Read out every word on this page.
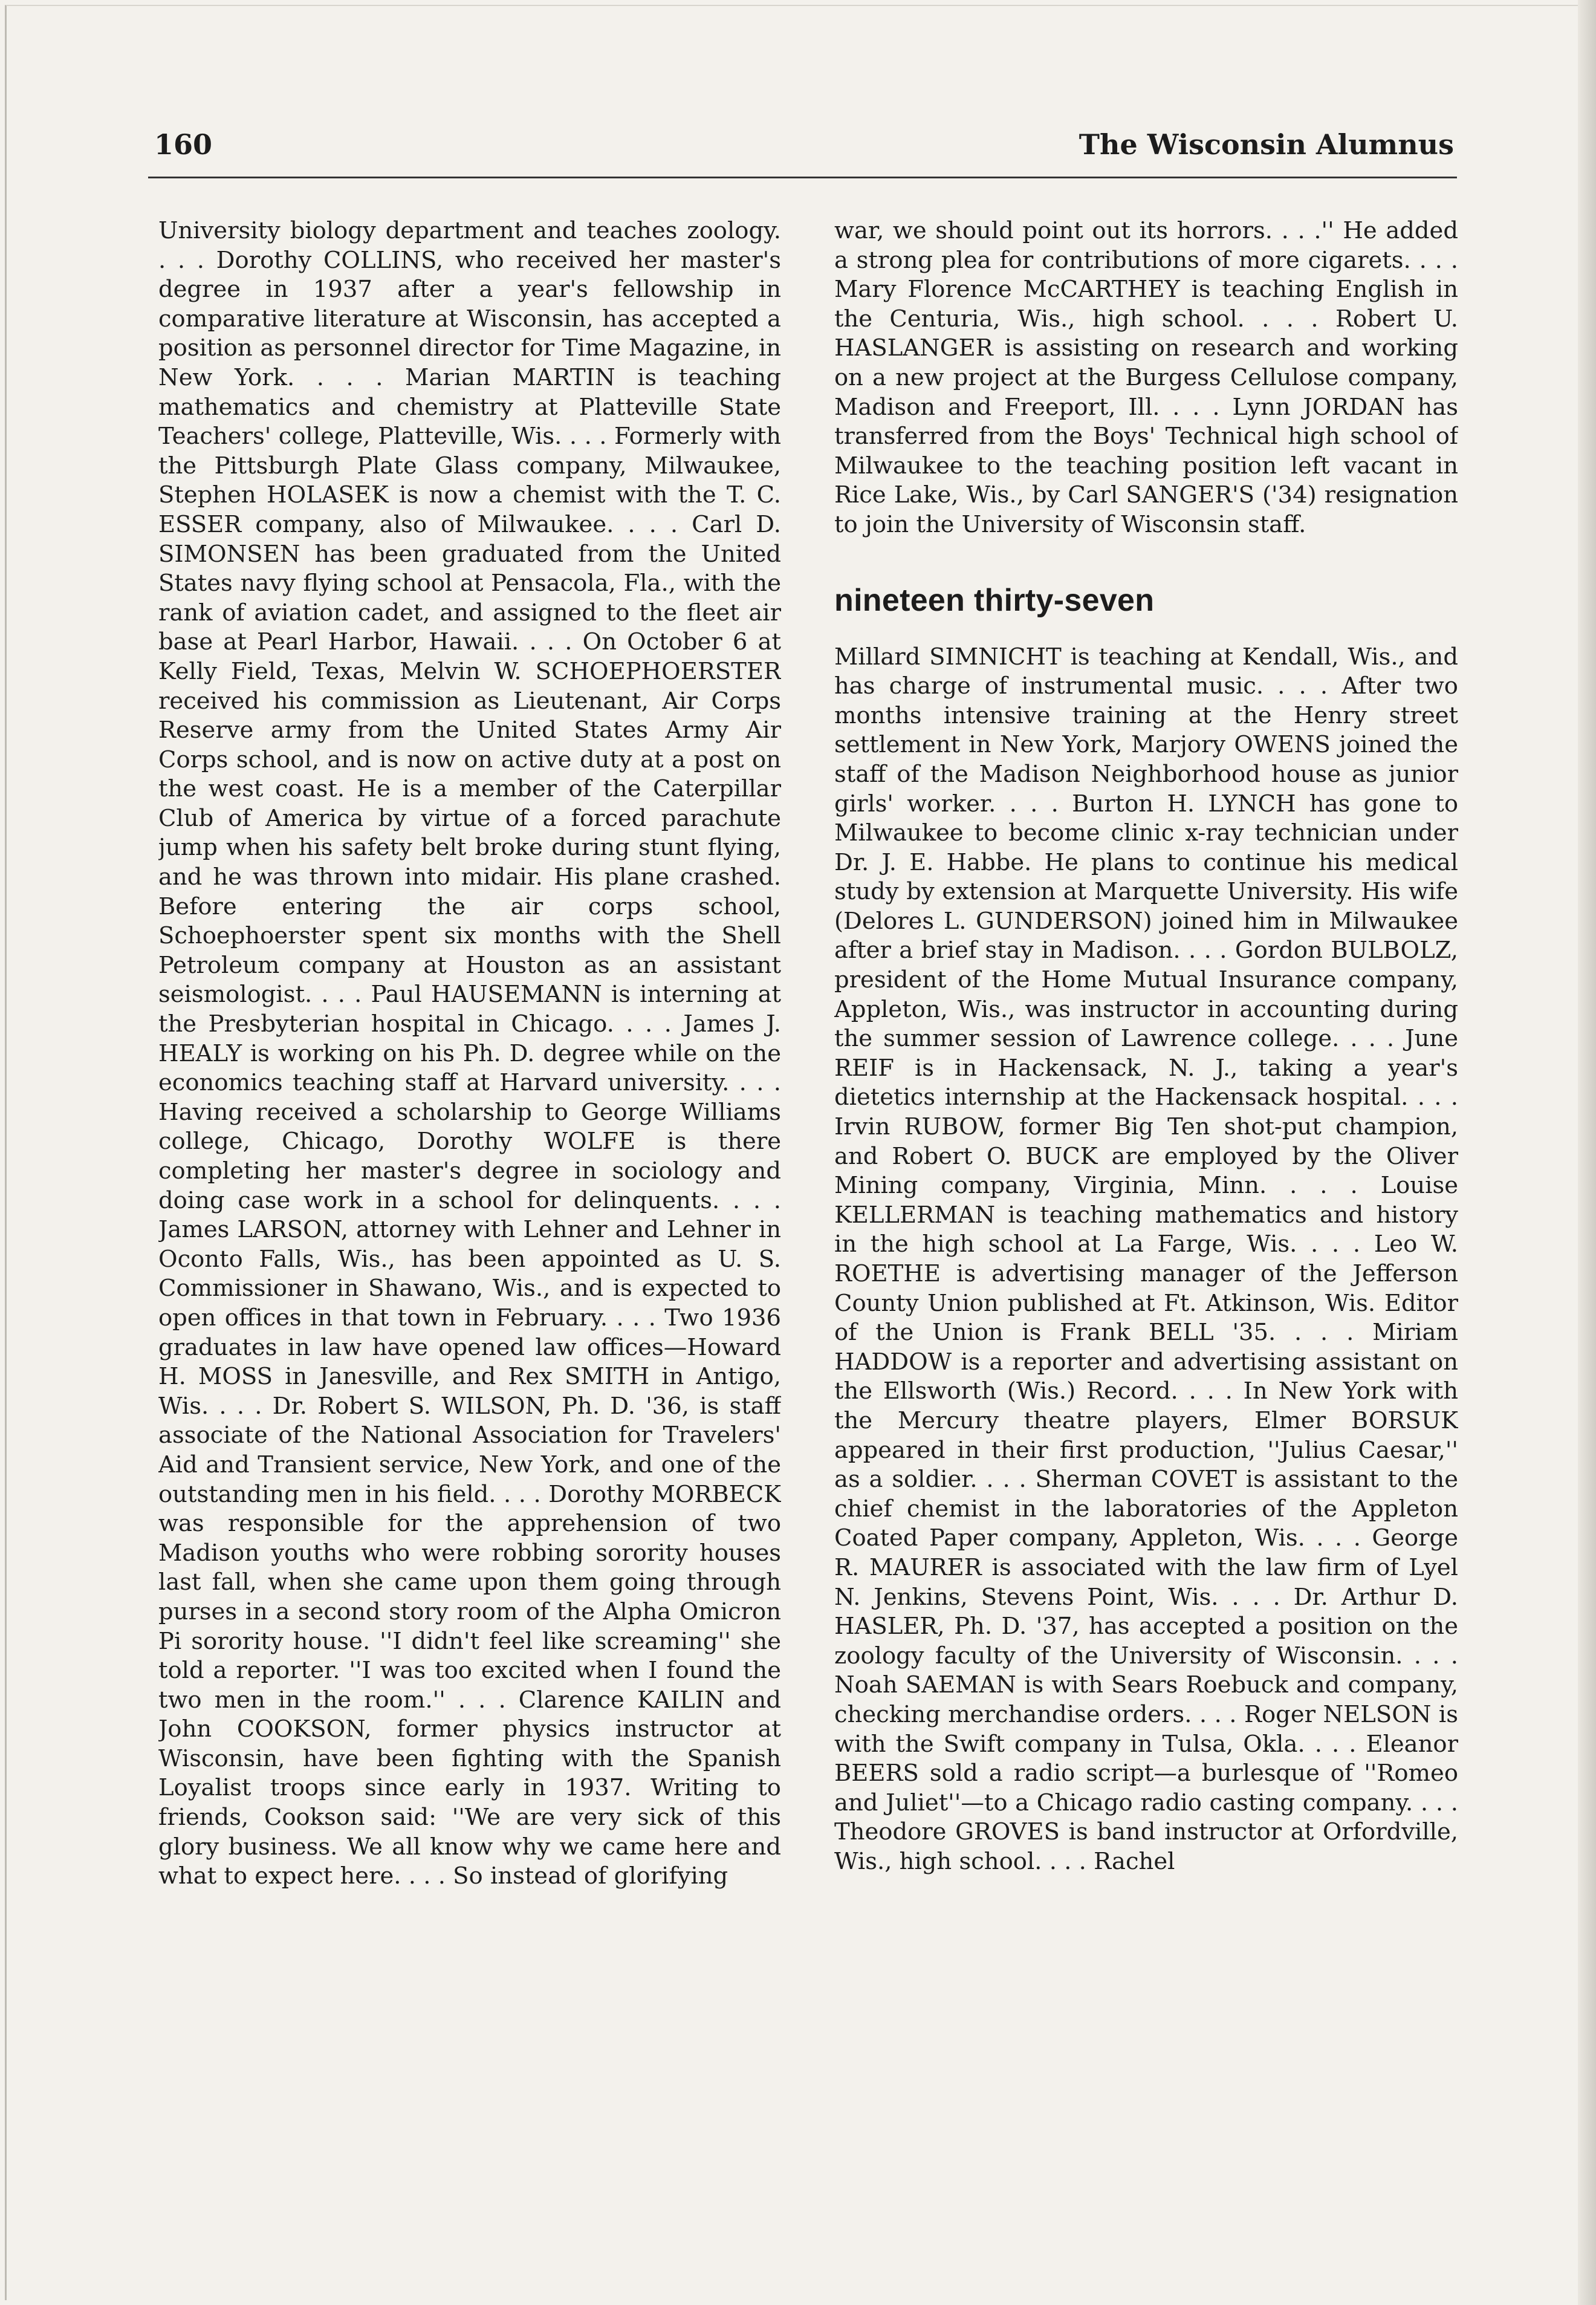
160	The Wisconsin Alumnus

University biology department and teaches zoology. . . . Dorothy COLLINS, who received her master's degree in 1937 after a year's fellowship in comparative literature at Wisconsin, has accepted a position as personnel director for Time Magazine, in New York. . . . Marian MARTIN is teaching mathematics and chemistry at Platteville State Teachers' college, Platteville, Wis. . . . Formerly with the Pittsburgh Plate Glass company, Milwaukee, Stephen HOLASEK is now a chemist with the T. C. ESSER company, also of Milwaukee. . . . Carl D. SIMONSEN has been graduated from the United States navy flying school at Pensacola, Fla., with the rank of aviation cadet, and assigned to the fleet air base at Pearl Harbor, Hawaii. . . . On October 6 at Kelly Field, Texas, Melvin W. SCHOEPHOERSTER received his commission as Lieutenant, Air Corps Reserve army from the United States Army Air Corps school, and is now on active duty at a post on the west coast. He is a member of the Caterpillar Club of America by virtue of a forced parachute jump when his safety belt broke during stunt flying, and he was thrown into midair. His plane crashed. Before entering the air corps school, Schoephoerster spent six months with the Shell Petroleum company at Houston as an assistant seismologist. . . . Paul HAUSEMANN is interning at the Presbyterian hospital in Chicago. . . . James J. HEALY is working on his Ph. D. degree while on the economics teaching staff at Harvard university. . . . Having received a scholarship to George Williams college, Chicago, Dorothy WOLFE is there completing her master's degree in sociology and doing case work in a school for delinquents. . . . James LARSON, attorney with Lehner and Lehner in Oconto Falls, Wis., has been appointed as U. S. Commissioner in Shawano, Wis., and is expected to open offices in that town in February. . . . Two 1936 graduates in law have opened law offices—Howard H. MOSS in Janesville, and Rex SMITH in Antigo, Wis. . . . Dr. Robert S. WILSON, Ph. D. '36, is staff associate of the National Association for Travelers' Aid and Transient service, New York, and one of the outstanding men in his field. . . . Dorothy MORBECK was responsible for the apprehension of two Madison youths who were robbing sorority houses last fall, when she came upon them going through purses in a second story room of the Alpha Omicron Pi sorority house. ''I didn't feel like screaming'' she told a reporter. ''I was too excited when I found the two men in the room.'' . . . Clarence KAILIN and John COOKSON, former physics instructor at Wisconsin, have been fighting with the Spanish Loyalist troops since early in 1937. Writing to friends, Cookson said: ''We are very sick of this glory business. We all know why we came here and what to expect here. . . . So instead of glorifying

war, we should point out its horrors. . . .'' He added a strong plea for contributions of more cigarets. . . . Mary Florence McCARTHEY is teaching English in the Centuria, Wis., high school. . . . Robert U. HASLANGER is assisting on research and working on a new project at the Burgess Cellulose company, Madison and Freeport, Ill. . . . Lynn JORDAN has transferred from the Boys' Technical high school of Milwaukee to the teaching position left vacant in Rice Lake, Wis., by Carl SANGER'S ('34) resignation to join the University of Wisconsin staff.

nineteen thirty-seven

Millard SIMNICHT is teaching at Kendall, Wis., and has charge of instrumental music. . . . After two months intensive training at the Henry street settlement in New York, Marjory OWENS joined the staff of the Madison Neighborhood house as junior girls' worker. . . . Burton H. LYNCH has gone to Milwaukee to become clinic x-ray technician under Dr. J. E. Habbe. He plans to continue his medical study by extension at Marquette University. His wife (Delores L. GUNDERSON) joined him in Milwaukee after a brief stay in Madison. . . . Gordon BULBOLZ, president of the Home Mutual Insurance company, Appleton, Wis., was instructor in accounting during the summer session of Lawrence college. . . . June REIF is in Hackensack, N. J., taking a year's dietetics internship at the Hackensack hospital. . . . Irvin RUBOW, former Big Ten shot-put champion, and Robert O. BUCK are employed by the Oliver Mining company, Virginia, Minn. . . . Louise KELLERMAN is teaching mathematics and history in the high school at La Farge, Wis. . . . Leo W. ROETHE is advertising manager of the Jefferson County Union published at Ft. Atkinson, Wis. Editor of the Union is Frank BELL '35. . . . Miriam HADDOW is a reporter and advertising assistant on the Ellsworth (Wis.) Record. . . . In New York with the Mercury theatre players, Elmer BORSUK appeared in their first production, ''Julius Caesar,'' as a soldier. . . . Sherman COVET is assistant to the chief chemist in the laboratories of the Appleton Coated Paper company, Appleton, Wis. . . . George R. MAURER is associated with the law firm of Lyel N. Jenkins, Stevens Point, Wis. . . . Dr. Arthur D. HASLER, Ph. D. '37, has accepted a position on the zoology faculty of the University of Wisconsin. . . . Noah SAEMAN is with Sears Roebuck and company, checking merchandise orders. . . . Roger NELSON is with the Swift company in Tulsa, Okla. . . . Eleanor BEERS sold a radio script—a burlesque of ''Romeo and Juliet''—to a Chicago radio casting company. . . . Theodore GROVES is band instructor at Orfordville, Wis., high school. . . . Rachel
